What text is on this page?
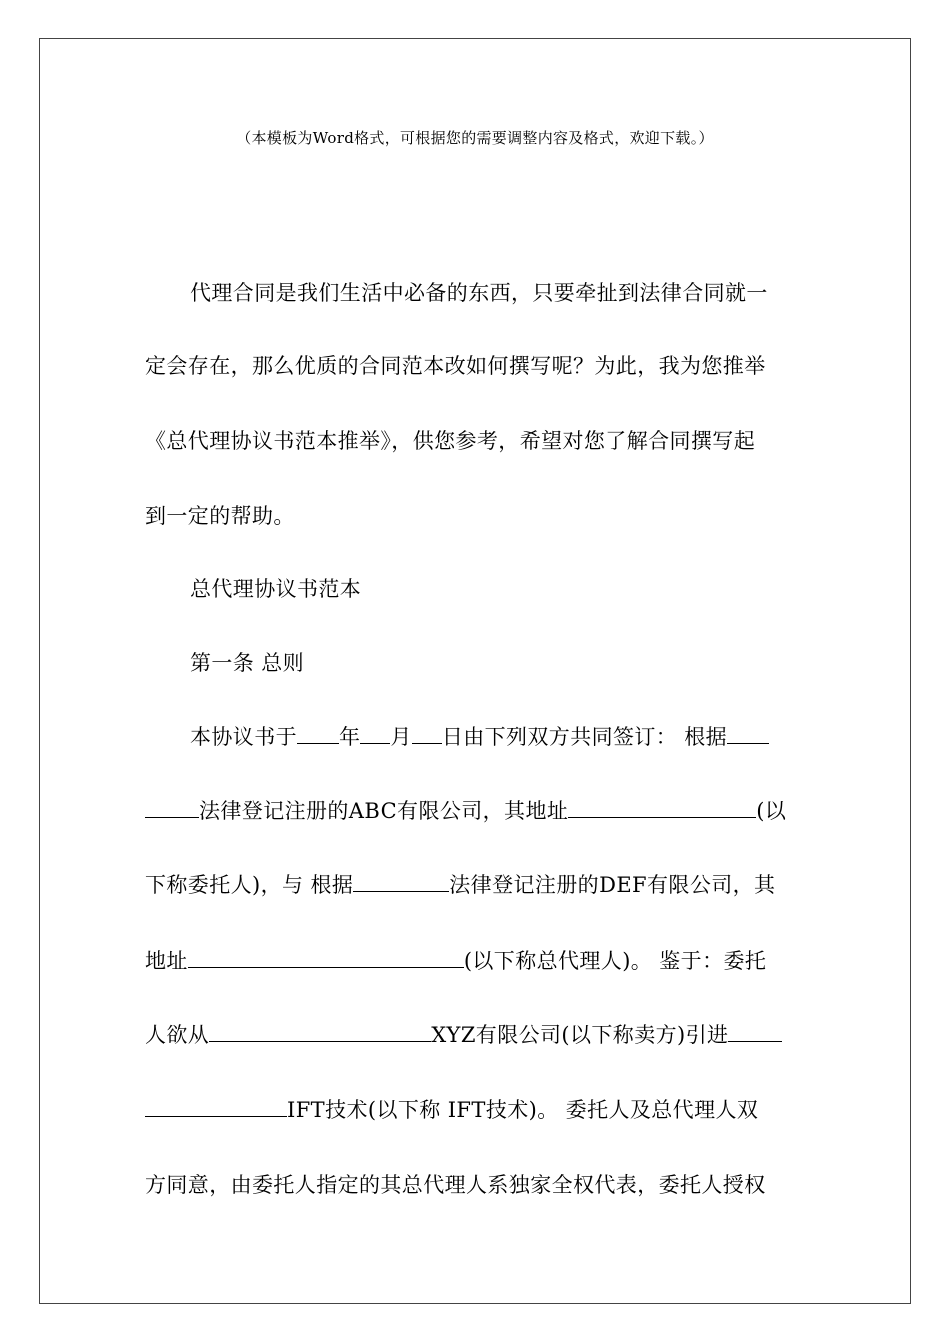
（本模板为Word格式，可根据您的需要调整内容及格式，欢迎下载。）
代理合同是我们生活中必备的东西，只要牵扯到法律合同就一
定会存在，那么优质的合同范本改如何撰写呢？为此，我为您推举
《总代理协议书范本推举》，供您参考，希望对您了解合同撰写起
到一定的帮助。
总代理协议书范本
第一条 总则
本协议书于 年 月 日由下列双方共同签订： 根据
法律登记注册的ABC有限公司，其地址	(以
下称委托人)，与 根据	法律登记注册的DEF有限公司，其
地址	(以下称总代理人)。 鉴于：委托
人欲从	XYZ有限公司(以下称卖方)引进
IFT技术(以下称 IFT技术)。 委托人及总代理人双
方同意，由委托人指定的其总代理人系独家全权代表，委托人授权
